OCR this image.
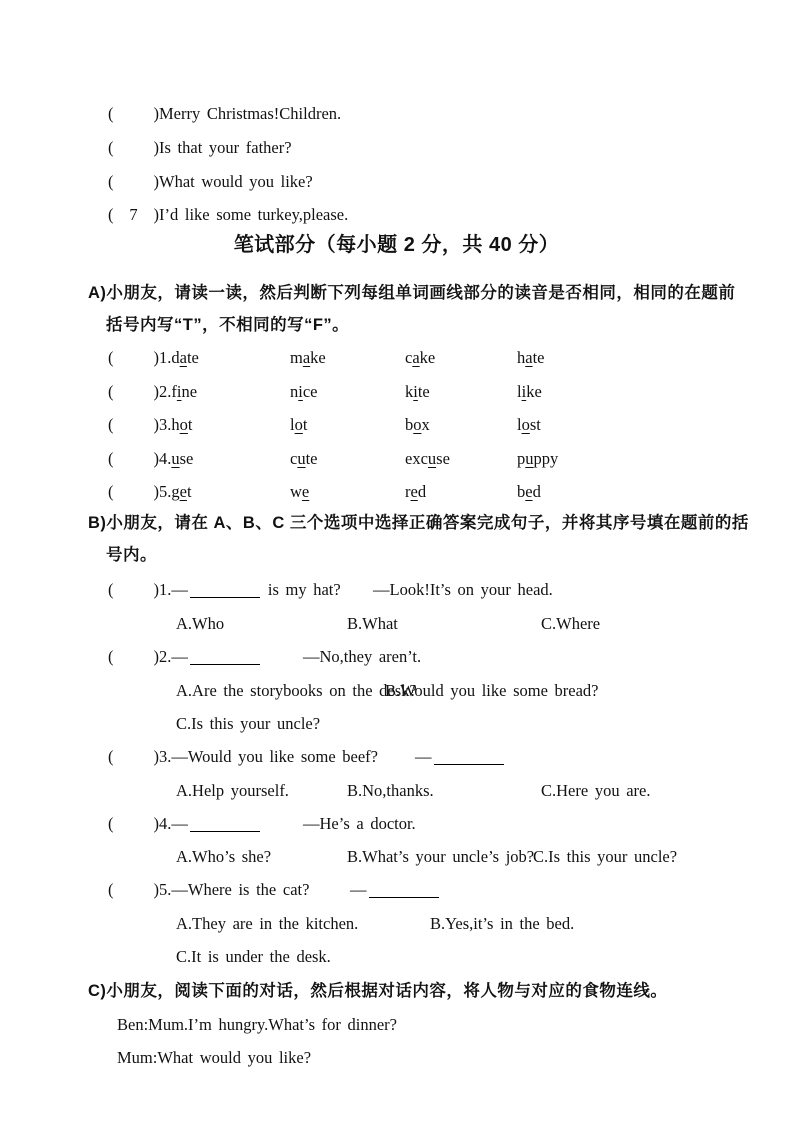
( )Merry Christmas!Children.
( )Is that your father?
( )What would you like?
( 7 )I’d like some turkey,please.
笔试部分（每小题 2 分，共 40 分）
A)小朋友，请读一读，然后判断下列每组单词画线部分的读音是否相同，相同的在题前
括号内写“T”，不相同的写“F”。
( )1.date	make	cake	hate
( )2.fine	nice	kite	like
( )3.hot	lot	box	lost
( )4.use	cute	excuse	puppy
( )5.get	we	red	bed
B)小朋友，请在 A、B、C 三个选项中选择正确答案完成句子，并将其序号填在题前的括
号内。
( )1.—	is my hat? —Look!It’s on your head.
A.Who	B.What	C.Where
( )2.—	—No,they aren’t.
A.Are the storybooks on the desk?
B.Would you like some bread?
C.Is this your uncle?
( )3.—Would you like some beef? —
A.Help yourself.	B.No,thanks.	C.Here you are.
( )4.—	—He’s a doctor.
A.Who’s she?	B.What’s your uncle’s job?
C.Is this your uncle?
( )5.—Where is the cat? —
A.They are in the kitchen.	B.Yes,it’s in the bed.
C.It is under the desk.
C)小朋友，阅读下面的对话，然后根据对话内容，将人物与对应的食物连线。
Ben:Mum.I’m hungry.What’s for dinner?
Mum:What would you like?
